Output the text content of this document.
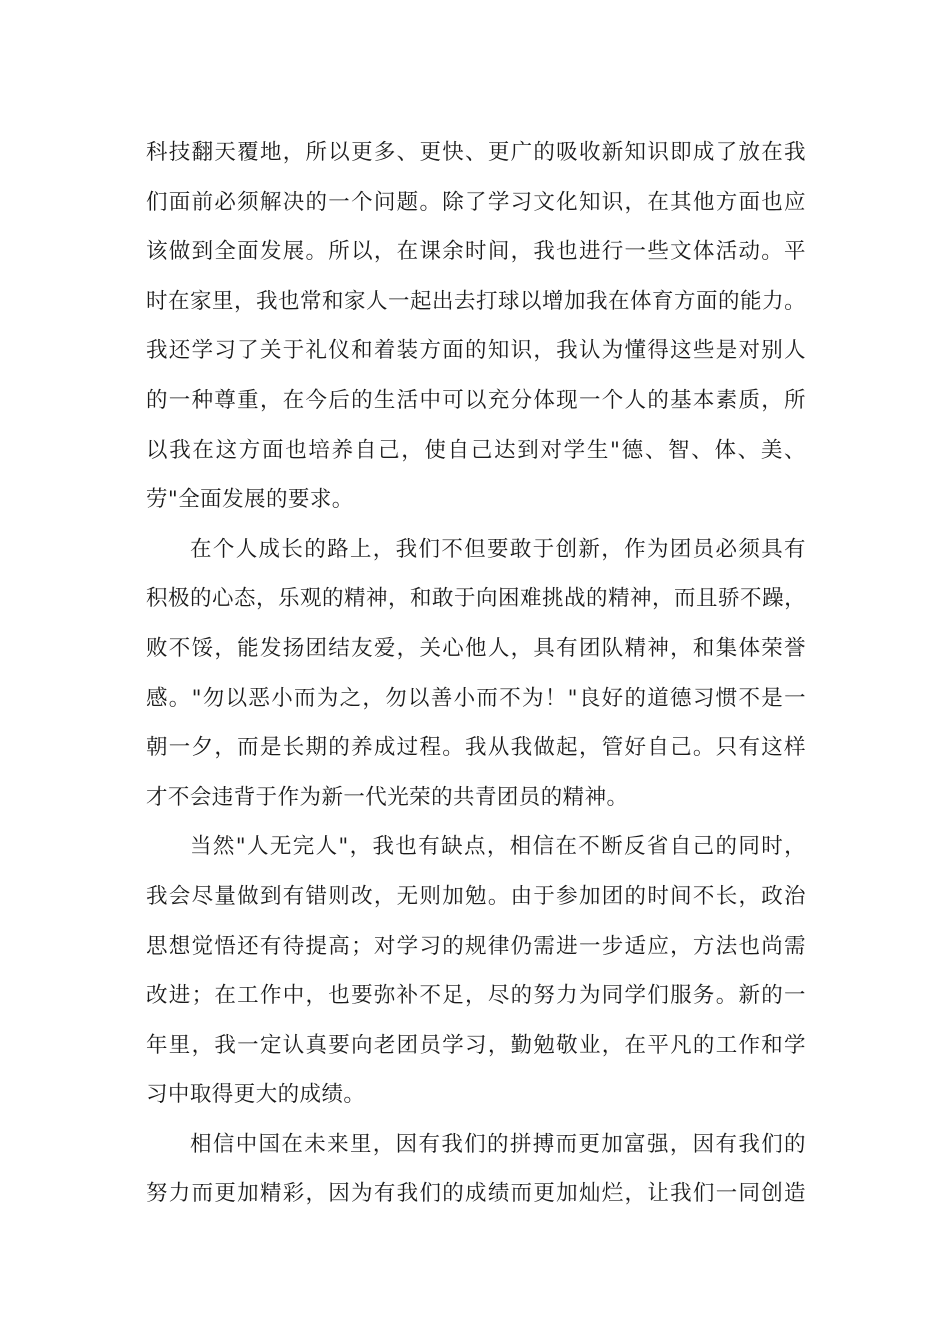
科技翻天覆地，所以更多、更快、更广的吸收新知识即成了放在我
们面前必须解决的一个问题。除了学习文化知识，在其他方面也应
该做到全面发展。所以，在课余时间，我也进行一些文体活动。平
时在家里，我也常和家人一起出去打球以增加我在体育方面的能力。
我还学习了关于礼仪和着装方面的知识，我认为懂得这些是对别人
的一种尊重，在今后的生活中可以充分体现一个人的基本素质，所
以我在这方面也培养自己，使自己达到对学生"德、智、体、美、
劳"全面发展的要求。
在个人成长的路上，我们不但要敢于创新，作为团员必须具有
积极的心态，乐观的精神，和敢于向困难挑战的精神，而且骄不躁，
败不馁，能发扬团结友爱，关心他人，具有团队精神，和集体荣誉
感。"勿以恶小而为之，勿以善小而不为！"良好的道德习惯不是一
朝一夕，而是长期的养成过程。我从我做起，管好自己。只有这样
才不会违背于作为新一代光荣的共青团员的精神。
当然"人无完人"，我也有缺点，相信在不断反省自己的同时，
我会尽量做到有错则改，无则加勉。由于参加团的时间不长，政治
思想觉悟还有待提高；对学习的规律仍需进一步适应，方法也尚需
改进；在工作中，也要弥补不足，尽的努力为同学们服务。新的一
年里，我一定认真要向老团员学习，勤勉敬业，在平凡的工作和学
习中取得更大的成绩。
相信中国在未来里，因有我们的拼搏而更加富强，因有我们的
努力而更加精彩，因为有我们的成绩而更加灿烂，让我们一同创造
